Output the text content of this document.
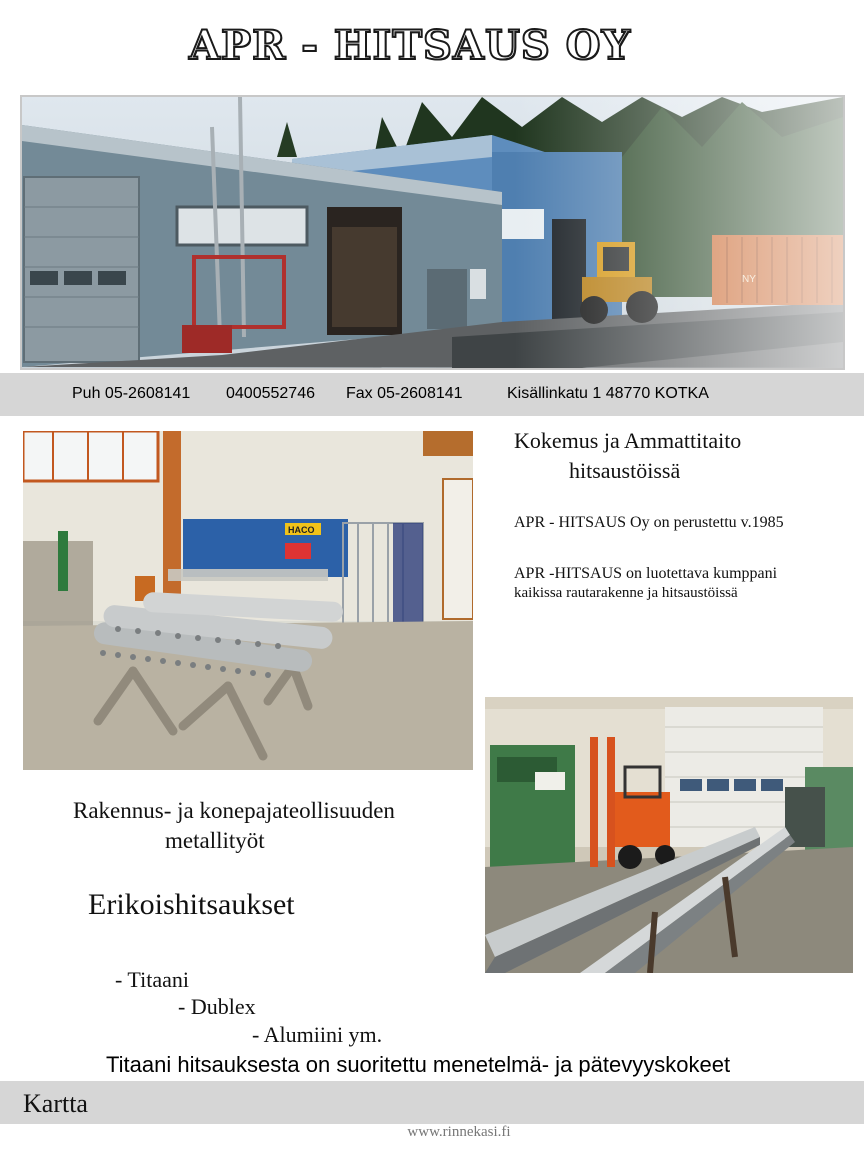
APR - HITSAUS OY
Puh 05-2608141 0400552746 Fax 05-2608141	Kisällinkatu 1 48770 KOTKA
HACO
Kokemus ja Ammattitaito
hitsaustöissä
APR - HITSAUS Oy on perustettu v.1985
APR -HITSAUS on luotettava kumppani
kaikissa rautarakenne ja hitsaustöissä
Rakennus- ja konepajateollisuuden
metallityöt
Erikoishitsaukset
- Titaani
- Dublex
- Alumiini ym.
Titaani hitsauksesta on suoritettu menetelmä- ja pätevyyskokeet
Kartta
www.rinnekasi.fi
